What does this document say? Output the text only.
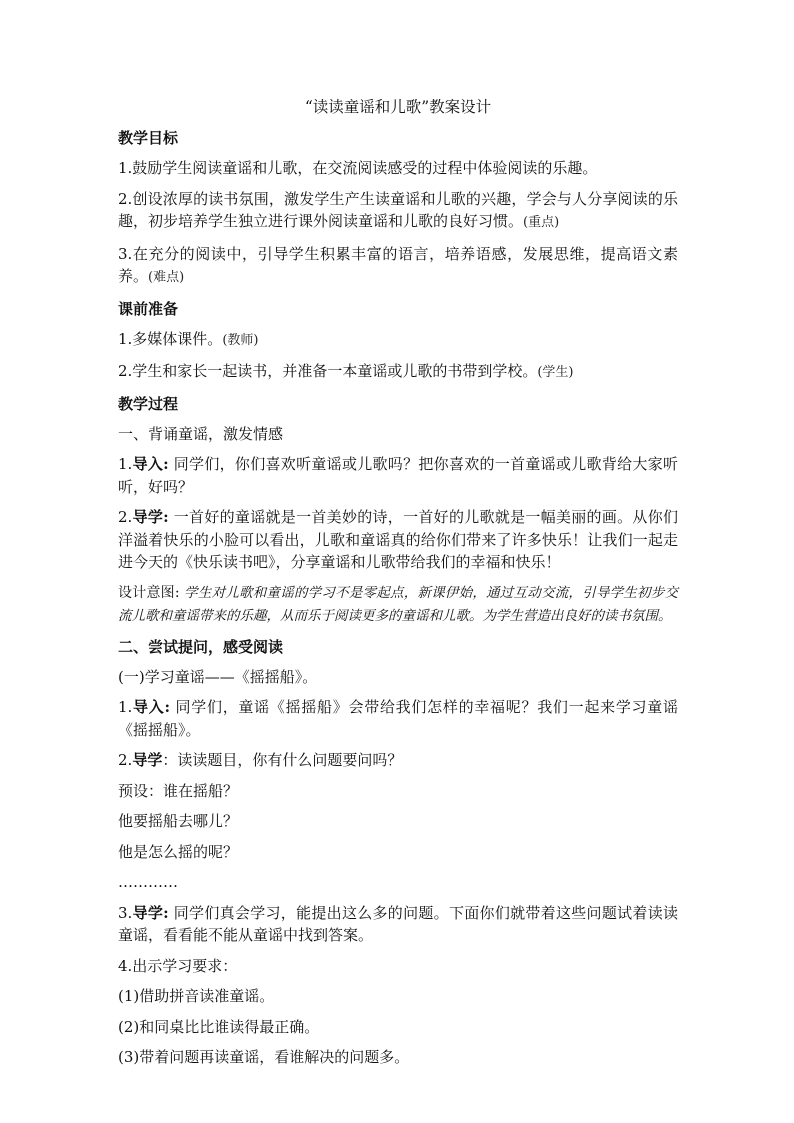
“读读童谣和儿歌”教案设计
教学目标

1.鼓励学生阅读童谣和儿歌，在交流阅读感受的过程中体验阅读的乐趣。

2.创设浓厚的读书氛围，激发学生产生读童谣和儿歌的兴趣，学会与人分享阅读的乐趣，初步培养学生独立进行课外阅读童谣和儿歌的良好习惯。(重点)

3.在充分的阅读中，引导学生积累丰富的语言，培养语感，发展思维，提高语文素养。(难点)

课前准备

1.多媒体课件。(教师)

2.学生和家长一起读书，并准备一本童谣或儿歌的书带到学校。(学生)

教学过程

一、背诵童谣，激发情感

1.导入: 同学们，你们喜欢听童谣或儿歌吗？把你喜欢的一首童谣或儿歌背给大家听听，好吗？

2.导学: 一首好的童谣就是一首美妙的诗，一首好的儿歌就是一幅美丽的画。从你们洋溢着快乐的小脸可以看出，儿歌和童谣真的给你们带来了许多快乐！让我们一起走进今天的《快乐读书吧》，分享童谣和儿歌带给我们的幸福和快乐！

设计意图: 学生对儿歌和童谣的学习不是零起点，新课伊始，通过互动交流，引导学生初步交流儿歌和童谣带来的乐趣，从而乐于阅读更多的童谣和儿歌。为学生营造出良好的读书氛围。

二、尝试提问，感受阅读

(一)学习童谣——《摇摇船》。

1.导入: 同学们，童谣《摇摇船》会带给我们怎样的幸福呢？我们一起来学习童谣《摇摇船》。

2.导学：读读题目，你有什么问题要问吗？

预设：谁在摇船？

他要摇船去哪儿？

他是怎么摇的呢？

…………

3.导学: 同学们真会学习，能提出这么多的问题。下面你们就带着这些问题试着读读童谣，看看能不能从童谣中找到答案。

4.出示学习要求：

(1)借助拼音读准童谣。

(2)和同桌比比谁读得最正确。

(3)带着问题再读童谣，看谁解决的问题多。
